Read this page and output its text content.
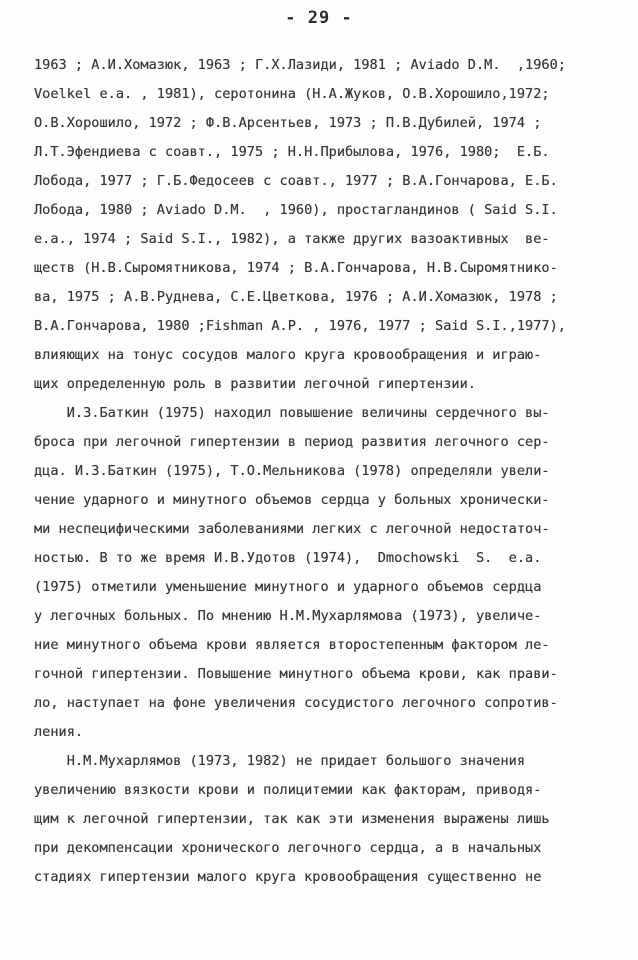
- 29 -
1963 ; А.И.Хомазюк, 1963 ; Г.Х.Лазиди, 1981 ; Aviado D.M.  ,1960;
Voelkel e.a. , 1981), серотонина (Н.А.Жуков, О.В.Хорошило,1972;
О.В.Хорошило, 1972 ; Ф.В.Арсентьев, 1973 ; П.В.Дубилей, 1974 ;
Л.Т.Эфендиева с соавт., 1975 ; Н.Н.Прибылова, 1976, 1980;  Е.Б.
Лобода, 1977 ; Г.Б.Федосеев с соавт., 1977 ; В.А.Гончарова, Е.Б.
Лобода, 1980 ; Aviado D.M.  , 1960), простагландинов ( Said S.I.
e.a., 1974 ; Said S.I., 1982), а также других вазоактивных  ве-
ществ (Н.В.Сыромятникова, 1974 ; В.А.Гончарова, Н.В.Сыромятнико-
ва, 1975 ; А.В.Руднева, С.Е.Цветкова, 1976 ; А.И.Хомазюк, 1978 ;
В.А.Гончарова, 1980 ;Fishman A.P. , 1976, 1977 ; Said S.I.,1977),
влияющих на тонус сосудов малого круга кровообращения и играю-
щих определенную роль в развитии легочной гипертензии.
И.З.Баткин (1975) находил повышение величины сердечного вы-
броса при легочной гипертензии в период развития легочного сер-
дца. И.З.Баткин (1975), Т.О.Мельникова (1978) определяли увели-
чение ударного и минутного объемов сердца у больных хронически-
ми неспецифическими заболеваниями легких с легочной недостаточ-
ностью. В то же время И.В.Удотов (1974),  Dmochowski  S.  e.a.
(1975) отметили уменьшение минутного и ударного объемов сердца
у легочных больных. По мнению Н.М.Мухарлямова (1973), увеличе-
ние минутного объема крови является второстепенным фактором ле-
гочной гипертензии. Повышение минутного объема крови, как прави-
ло, наступает на фоне увеличения сосудистого легочного сопротив-
ления.
Н.М.Мухарлямов (1973, 1982) не придает большого значения
увеличению вязкости крови и полицитемии как факторам, приводя-
щим к легочной гипертензии, так как эти изменения выражены лишь
при декомпенсации хронического легочного сердца, а в начальных
стадиях гипертензии малого круга кровообращения существенно не
